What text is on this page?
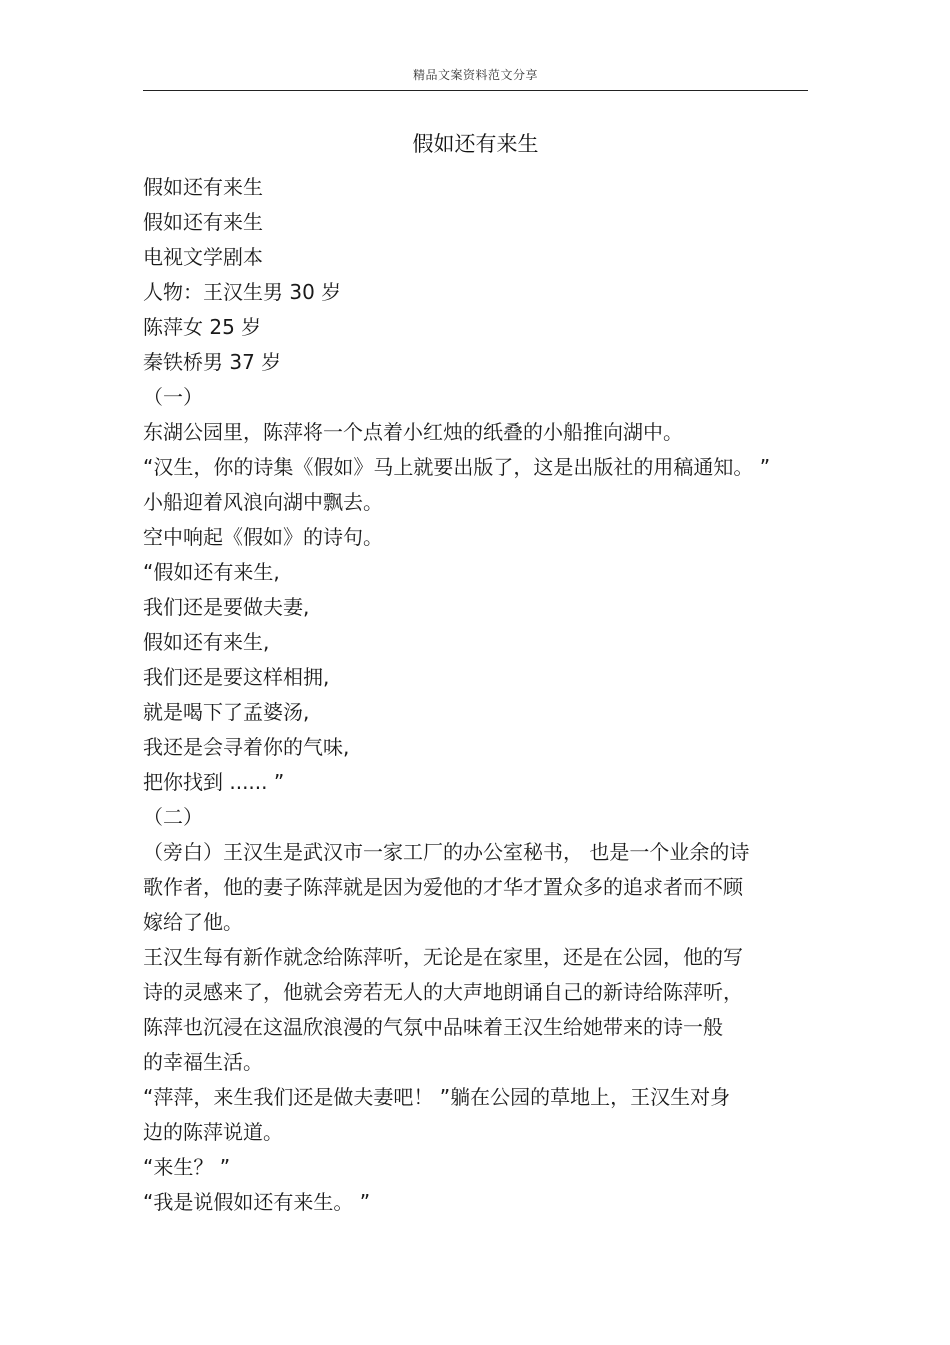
精品文案资料范文分享
假如还有来生
假如还有来生
假如还有来生
电视文学剧本
人物：王汉生男 30 岁
陈萍女 25 岁
秦铁桥男 37 岁
（一）
东湖公园里，陈萍将一个点着小红烛的纸叠的小船推向湖中。
“汉生，你的诗集《假如》马上就要出版了，这是出版社的用稿通知。 ”
小船迎着风浪向湖中飘去。
空中响起《假如》的诗句。
“假如还有来生,
我们还是要做夫妻,
假如还有来生,
我们还是要这样相拥,
就是喝下了孟婆汤,
我还是会寻着你的气味,
把你找到 ...... ”
（二）
（旁白）王汉生是武汉市一家工厂的办公室秘书， 也是一个业余的诗
歌作者，他的妻子陈萍就是因为爱他的才华才置众多的追求者而不顾
嫁给了他。
王汉生每有新作就念给陈萍听，无论是在家里，还是在公园，他的写
诗的灵感来了，他就会旁若无人的大声地朗诵自己的新诗给陈萍听，
陈萍也沉浸在这温欣浪漫的气氛中品味着王汉生给她带来的诗一般
的幸福生活。
“萍萍，来生我们还是做夫妻吧！ ”躺在公园的草地上，王汉生对身
边的陈萍说道。
“来生？ ”
“我是说假如还有来生。 ”
